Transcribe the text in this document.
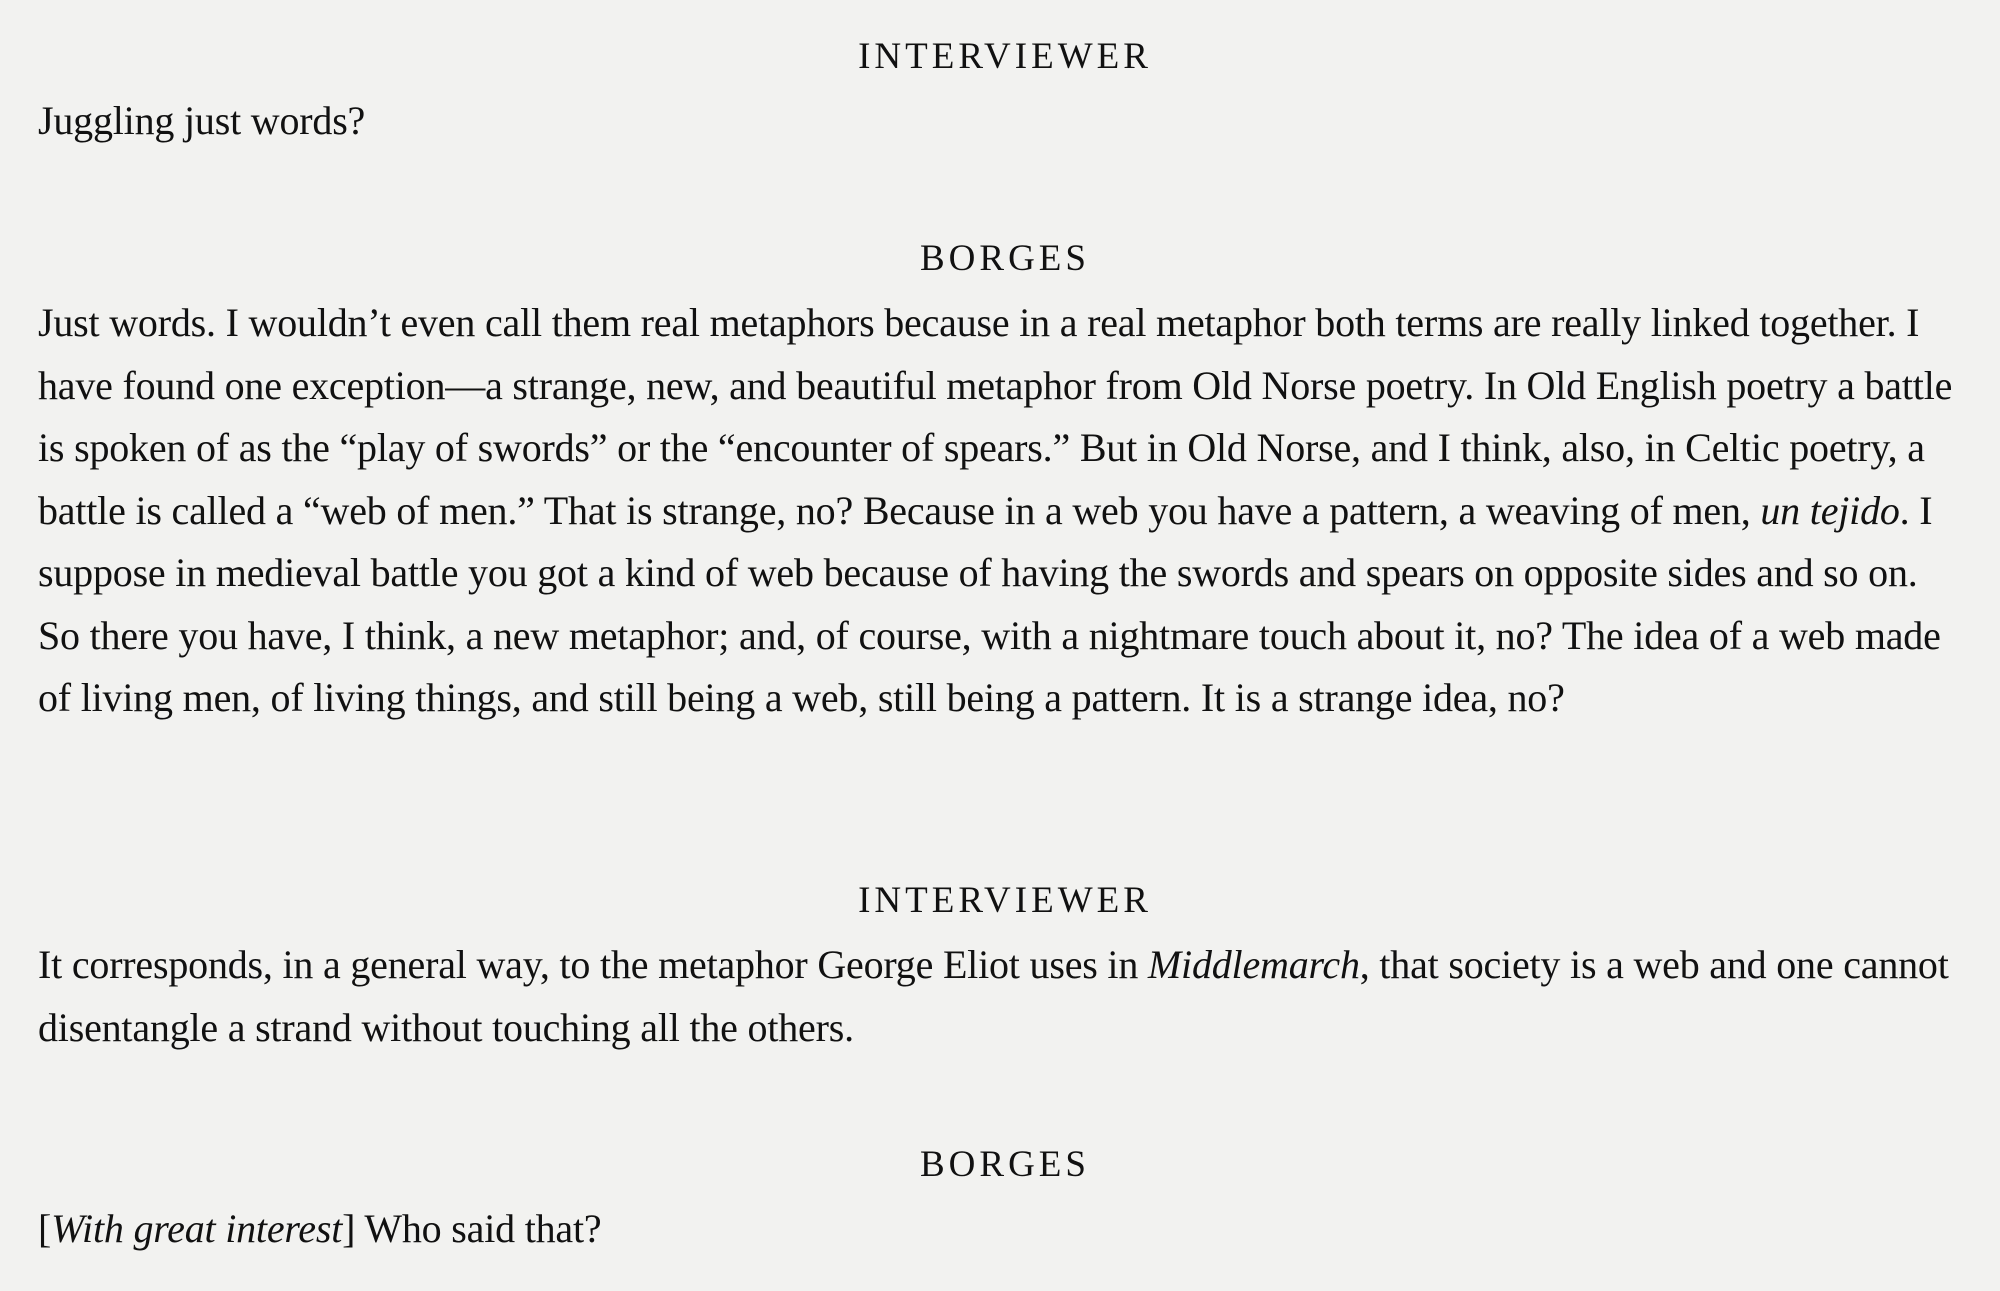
INTERVIEWER

Juggling just words?

BORGES

Just words. I wouldn’t even call them real metaphors because in a real metaphor both terms are really linked together. I have found one exception—a strange, new, and beautiful metaphor from Old Norse poetry. In Old English poetry a battle is spoken of as the “play of swords” or the “encounter of spears.” But in Old Norse, and I think, also, in Celtic poetry, a battle is called a “web of men.” That is strange, no? Because in a web you have a pattern, a weaving of men, un tejido. I suppose in medieval battle you got a kind of web because of having the swords and spears on opposite sides and so on. So there you have, I think, a new metaphor; and, of course, with a nightmare touch about it, no? The idea of a web made of living men, of living things, and still being a web, still being a pattern. It is a strange idea, no?

INTERVIEWER

It corresponds, in a general way, to the metaphor George Eliot uses in Middlemarch, that society is a web and one cannot disentangle a strand without touching all the others.

BORGES

[With great interest] Who said that?
